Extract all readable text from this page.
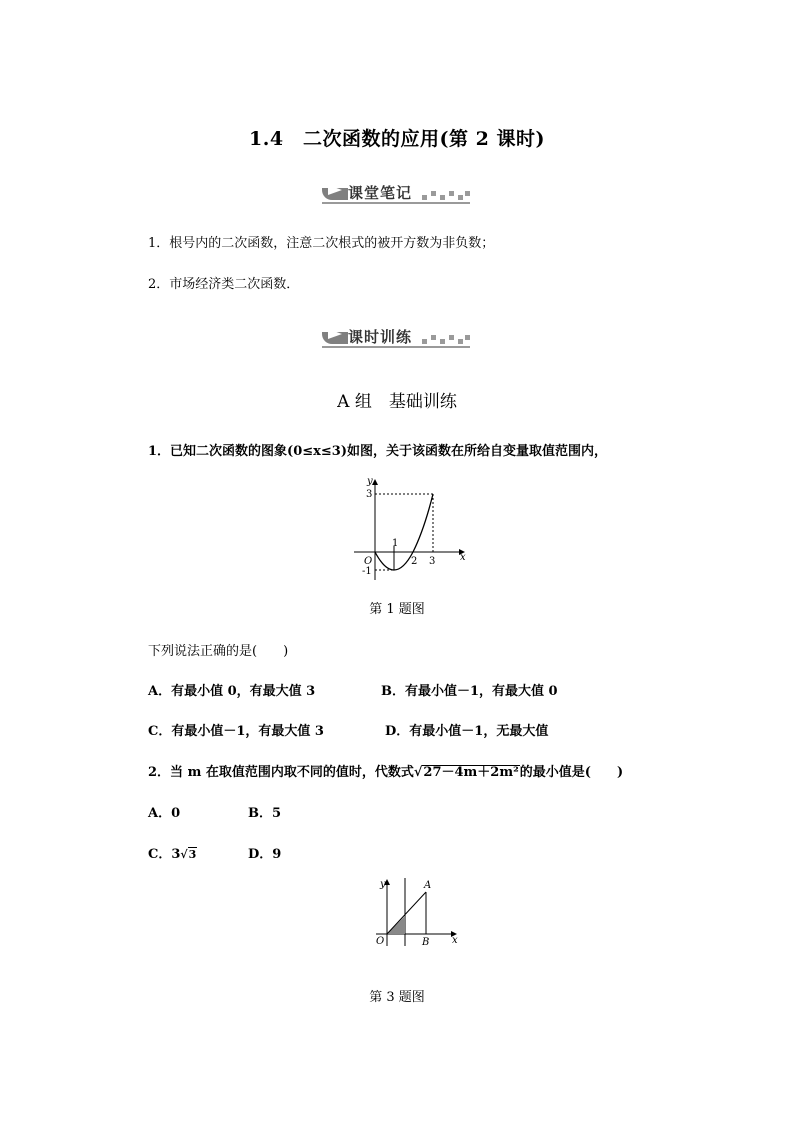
1.4　二次函数的应用(第 2 课时)
课堂笔记
1．根号内的二次函数，注意二次根式的被开方数为非负数；
2．市场经济类二次函数．
课时训练
A 组　基础训练
1．已知二次函数的图象(0≤x≤3)如图，关于该函数在所给自变量取值范围内，
y
x
O
3
-1
1
2 3
第 1 题图
下列说法正确的是(　　)
A．有最小值 0，有最大值 3	B．有最小值－1，有最大值 0
C．有最小值－1，有最大值 3	D．有最小值－1，无最大值
2．当 m 在取值范围内取不同的值时，代数式√27－4m＋2m²的最小值是(　　)
A．0	B．5
C．3√3	D．9
y
x
O
A
B
第 3 题图
